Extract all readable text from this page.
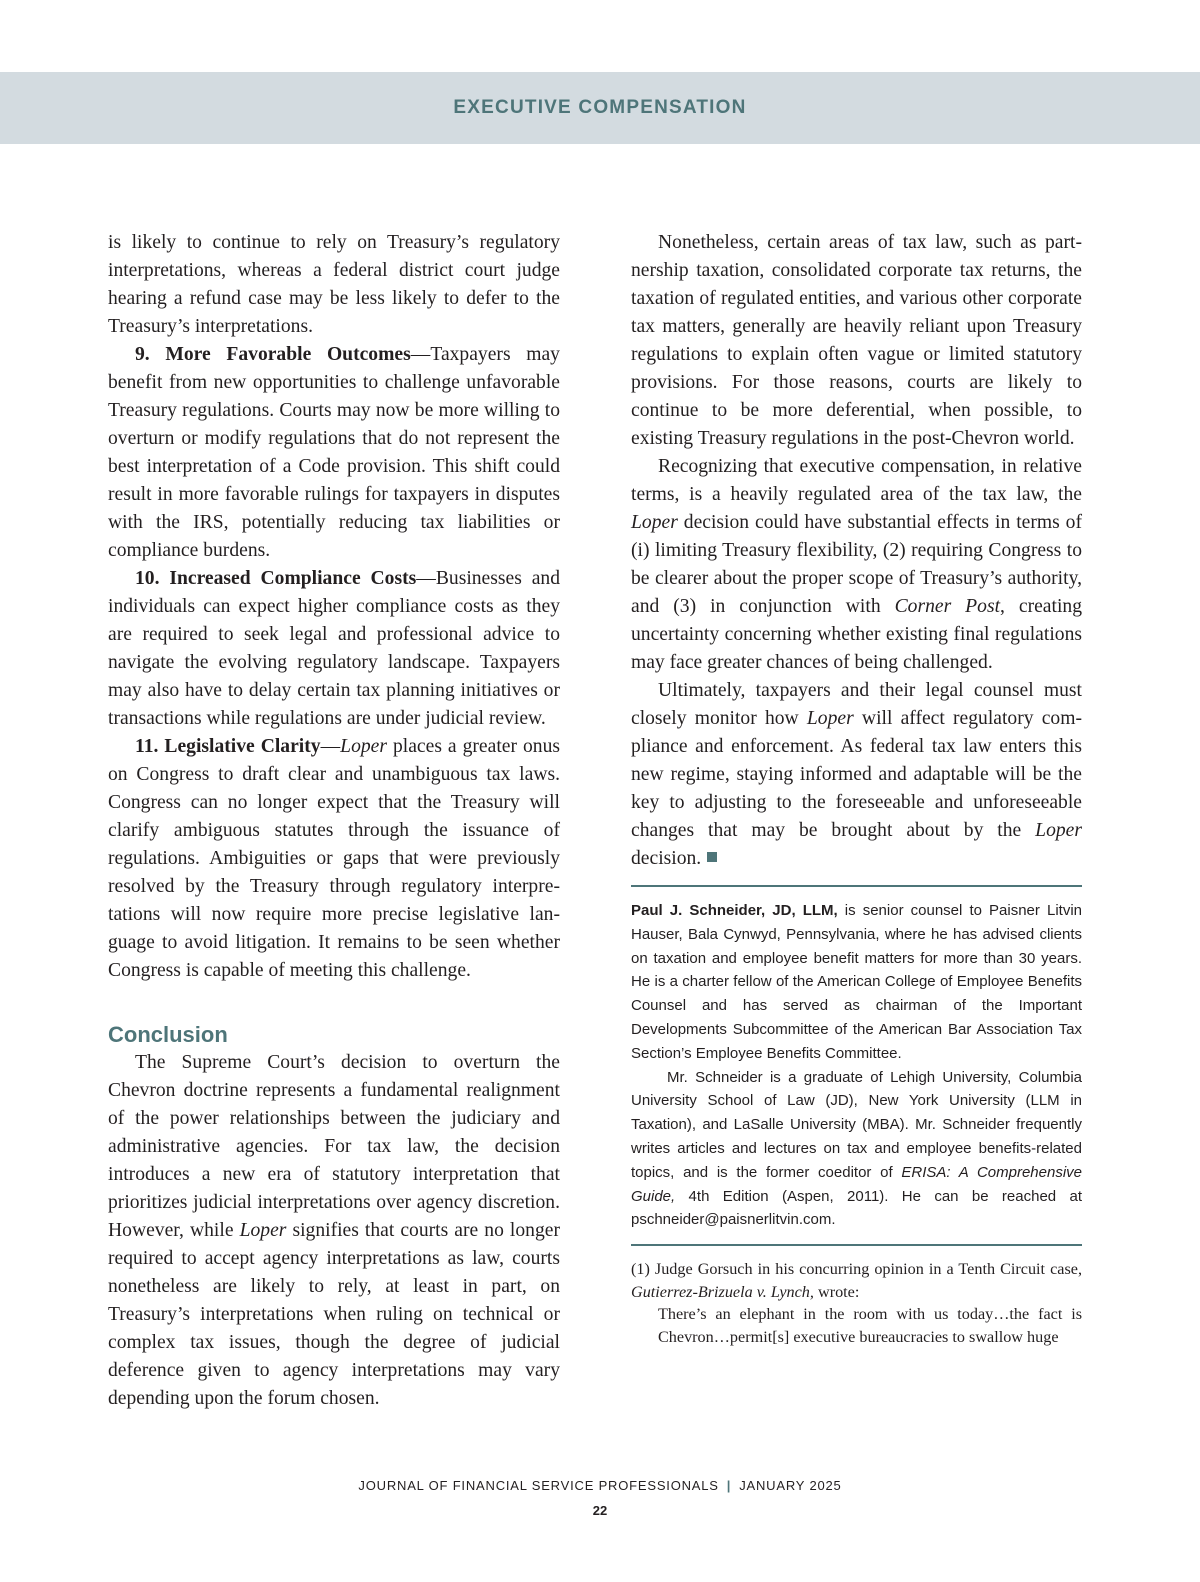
EXECUTIVE COMPENSATION

is likely to continue to rely on Treasury’s regulatory interpretations, whereas a federal district court judge hearing a refund case may be less likely to defer to the Treasury’s interpretations.

9. More Favorable Outcomes—Taxpayers may benefit from new opportunities to challenge unfavorable Treasury regulations. Courts may now be more willing to overturn or modify regulations that do not represent the best interpretation of a Code provision. This shift could result in more favorable rulings for taxpayers in disputes with the IRS, potentially reducing tax liabilities or compliance burdens.

10. Increased Compliance Costs—Businesses and individuals can expect higher compliance costs as they are required to seek legal and professional advice to navigate the evolving regulatory landscape. Taxpayers may also have to delay certain tax planning initiatives or transactions while regulations are under judicial review.

11. Legislative Clarity—Loper places a greater onus on Congress to draft clear and unambiguous tax laws. Congress can no longer expect that the Treasury will clarify ambiguous statutes through the issuance of regulations. Ambiguities or gaps that were previously resolved by the Treasury through regulatory interpretations will now require more precise legislative language to avoid litigation. It remains to be seen whether Congress is capable of meeting this challenge.

Conclusion

The Supreme Court’s decision to overturn the Chevron doctrine represents a fundamental realignment of the power relationships between the judiciary and administrative agencies. For tax law, the decision introduces a new era of statutory interpretation that prioritizes judicial interpretations over agency discretion. However, while Loper signifies that courts are no longer required to accept agency interpretations as law, courts nonetheless are likely to rely, at least in part, on Treasury’s interpretations when ruling on technical or complex tax issues, though the degree of judicial deference given to agency interpretations may vary depending upon the forum chosen.

Nonetheless, certain areas of tax law, such as partnership taxation, consolidated corporate tax returns, the taxation of regulated entities, and various other corporate tax matters, generally are heavily reliant upon Treasury regulations to explain often vague or limited statutory provisions. For those reasons, courts are likely to continue to be more deferential, when possible, to existing Treasury regulations in the post-Chevron world.

Recognizing that executive compensation, in relative terms, is a heavily regulated area of the tax law, the Loper decision could have substantial effects in terms of (i) limiting Treasury flexibility, (2) requiring Congress to be clearer about the proper scope of Treasury’s authority, and (3) in conjunction with Corner Post, creating uncertainty concerning whether existing final regulations may face greater chances of being challenged.

Ultimately, taxpayers and their legal counsel must closely monitor how Loper will affect regulatory compliance and enforcement. As federal tax law enters this new regime, staying informed and adaptable will be the key to adjusting to the foreseeable and unforeseeable changes that may be brought about by the Loper decision.

Paul J. Schneider, JD, LLM, is senior counsel to Paisner Litvin Hauser, Bala Cynwyd, Pennsylvania, where he has advised clients on taxation and employee benefit matters for more than 30 years. He is a charter fellow of the American College of Employee Benefits Counsel and has served as chairman of the Important Developments Subcommittee of the American Bar Association Tax Section’s Employee Benefits Committee.

Mr. Schneider is a graduate of Lehigh University, Columbia University School of Law (JD), New York University (LLM in Taxation), and LaSalle University (MBA). Mr. Schneider frequently writes articles and lectures on tax and employee benefits-related topics, and is the former coeditor of ERISA: A Comprehensive Guide, 4th Edition (Aspen, 2011). He can be reached at pschneider@paisnerlitvin.com.

(1) Judge Gorsuch in his concurring opinion in a Tenth Circuit case, Gutierrez-Brizuela v. Lynch, wrote:

There’s an elephant in the room with us today…the fact is Chevron…permit[s] executive bureaucracies to swallow huge

JOURNAL OF FINANCIAL SERVICE PROFESSIONALS | JANUARY 2025
22
